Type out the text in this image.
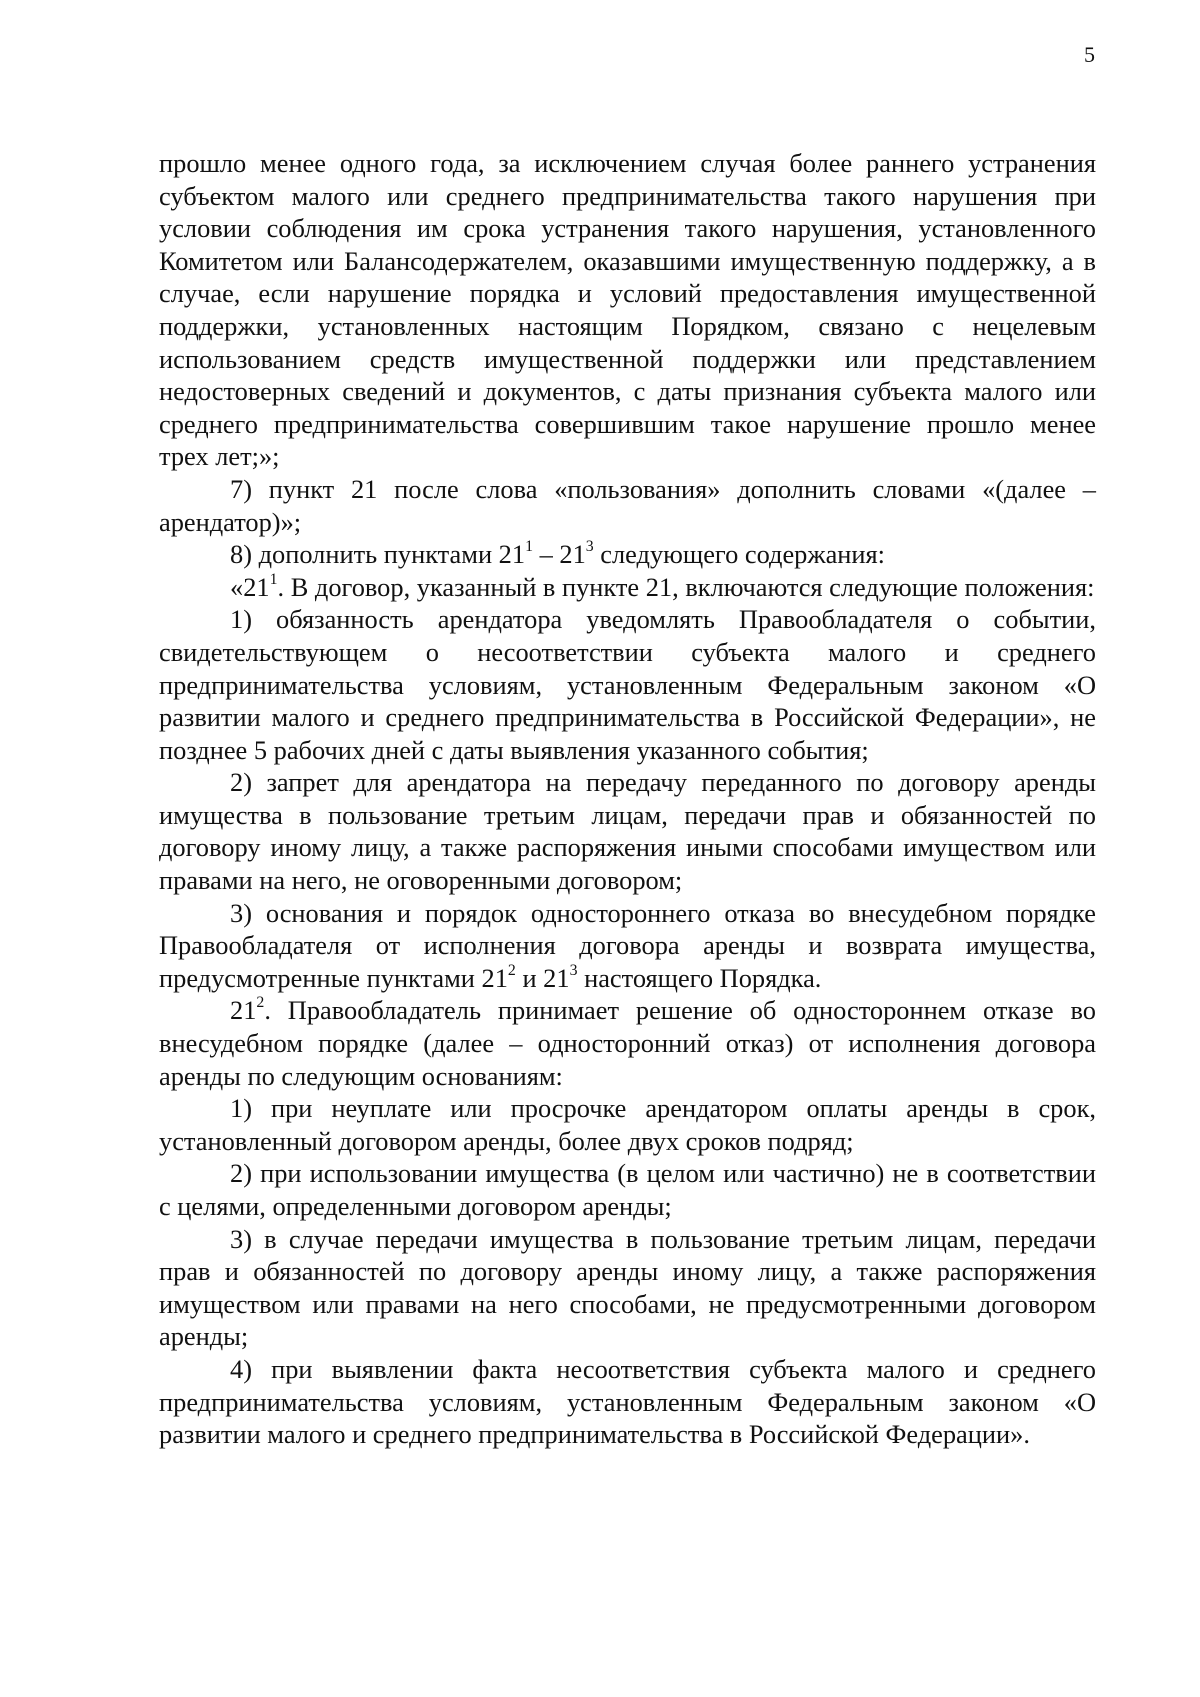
5

прошло менее одного года, за исключением случая более раннего устранения субъектом малого или среднего предпринимательства такого нарушения при условии соблюдения им срока устранения такого нарушения, установленного Комитетом или Балансодержателем, оказавшими имущественную поддержку, а в случае, если нарушение порядка и условий предоставления имущественной поддержки, установленных настоящим Порядком, связано с нецелевым использованием средств имущественной поддержки или представлением недостоверных сведений и документов, с даты признания субъекта малого или среднего предпринимательства совершившим такое нарушение прошло менее трех лет;»;

7) пункт 21 после слова «пользования» дополнить словами «(далее – арендатор)»;

8) дополнить пунктами $21^1 - 21^3$ следующего содержания:

«$21^1$. В договор, указанный в пункте 21, включаются следующие положения:

1) обязанность арендатора уведомлять Правообладателя о событии, свидетельствующем о несоответствии субъекта малого и среднего предпринимательства условиям, установленным Федеральным законом «О развитии малого и среднего предпринимательства в Российской Федерации», не позднее 5 рабочих дней с даты выявления указанного события;

2) запрет для арендатора на передачу переданного по договору аренды имущества в пользование третьим лицам, передачи прав и обязанностей по договору иному лицу, а также распоряжения иными способами имуществом или правами на него, не оговоренными договором;

3) основания и порядок одностороннего отказа во внесудебном порядке Правообладателя от исполнения договора аренды и возврата имущества, предусмотренные пунктами $21^2$ и $21^3$ настоящего Порядка.

$21^2$. Правообладатель принимает решение об одностороннем отказе во внесудебном порядке (далее – односторонний отказ) от исполнения договора аренды по следующим основаниям:

1) при неуплате или просрочке арендатором оплаты аренды в срок, установленный договором аренды, более двух сроков подряд;

2) при использовании имущества (в целом или частично) не в соответствии с целями, определенными договором аренды;

3) в случае передачи имущества в пользование третьим лицам, передачи прав и обязанностей по договору аренды иному лицу, а также распоряжения имуществом или правами на него способами, не предусмотренными договором аренды;

4) при выявлении факта несоответствия субъекта малого и среднего предпринимательства условиям, установленным Федеральным законом «О развитии малого и среднего предпринимательства в Российской Федерации».
